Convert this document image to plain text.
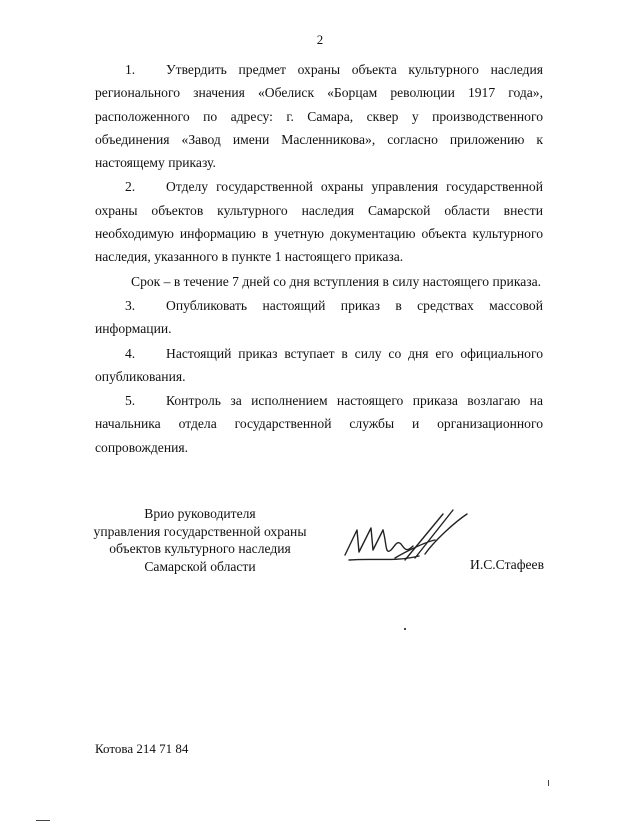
2

1. Утвердить предмет охраны объекта культурного наследия регионального значения «Обелиск «Борцам революции 1917 года», расположенного по адресу: г. Самара, сквер у производственного объединения «Завод имени Масленникова», согласно приложению к настоящему приказу.

2. Отделу государственной охраны управления государственной охраны объектов культурного наследия Самарской области внести необходимую информацию в учетную документацию объекта культурного наследия, указанного в пункте 1 настоящего приказа.

Срок – в течение 7 дней со дня вступления в силу настоящего приказа.

3. Опубликовать настоящий приказ в средствах массовой информации.

4. Настоящий приказ вступает в силу со дня его официального опубликования.

5. Контроль за исполнением настоящего приказа возлагаю на начальника отдела государственной службы и организационного сопровождения.

Врио руководителя
управления государственной охраны
объектов культурного наследия
Самарской области	И.С.Стафеев
Котова 214 71 84
